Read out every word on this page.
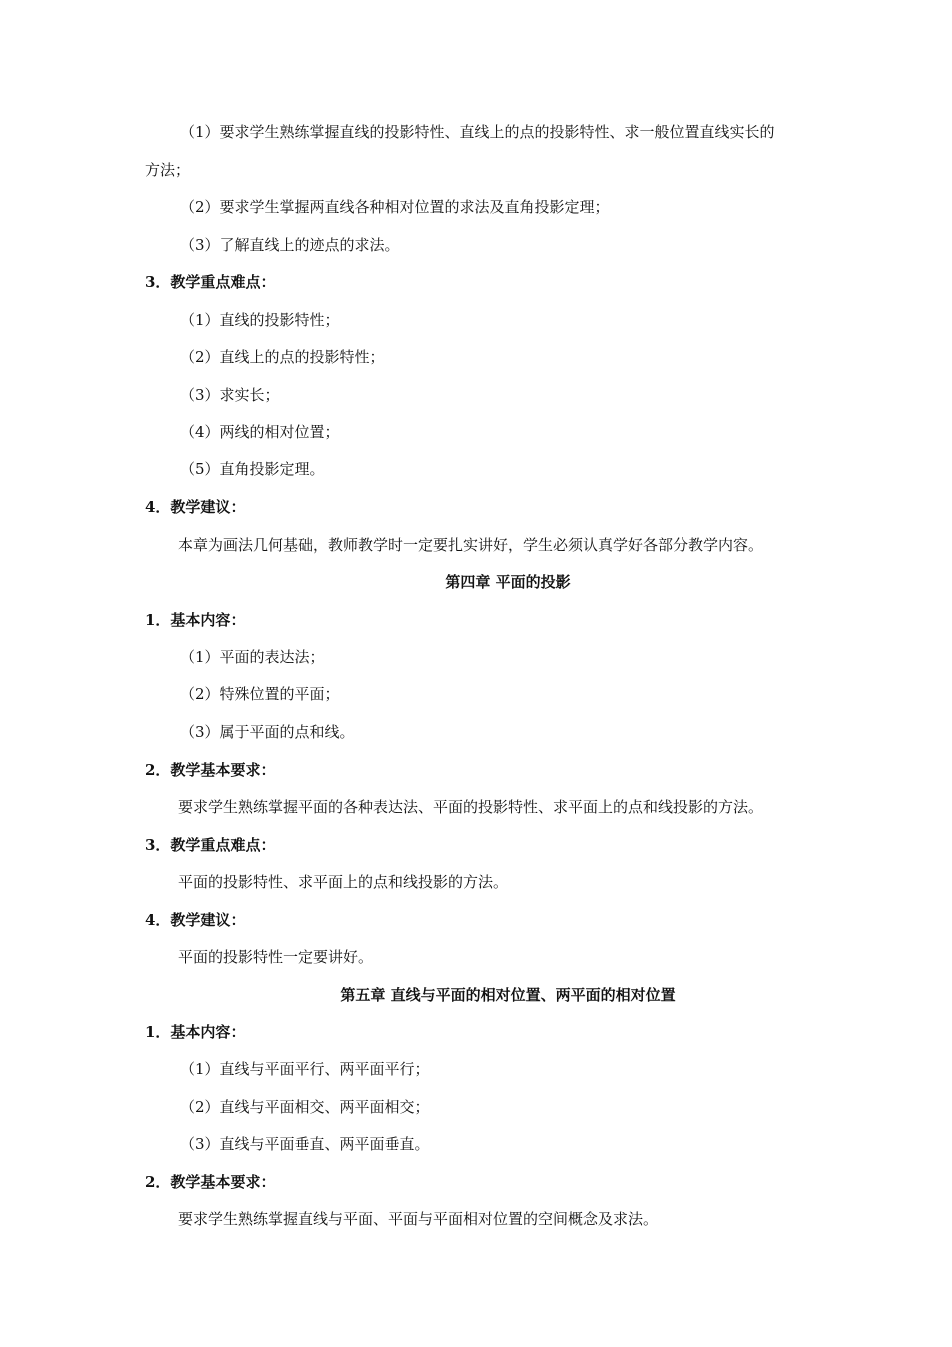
（1）要求学生熟练掌握直线的投影特性、直线上的点的投影特性、求一般位置直线实长的
方法；
（2）要求学生掌握两直线各种相对位置的求法及直角投影定理；
（3）了解直线上的迹点的求法。
3．教学重点难点：
（1）直线的投影特性；
（2）直线上的点的投影特性；
（3）求实长；
（4）两线的相对位置；
（5）直角投影定理。
4．教学建议：
本章为画法几何基础，教师教学时一定要扎实讲好，学生必须认真学好各部分教学内容。
第四章 平面的投影
1．基本内容：
（1）平面的表达法；
（2）特殊位置的平面；
（3）属于平面的点和线。
2．教学基本要求：
要求学生熟练掌握平面的各种表达法、平面的投影特性、求平面上的点和线投影的方法。
3．教学重点难点：
平面的投影特性、求平面上的点和线投影的方法。
4．教学建议：
平面的投影特性一定要讲好。
第五章 直线与平面的相对位置、两平面的相对位置
1．基本内容：
（1）直线与平面平行、两平面平行；
（2）直线与平面相交、两平面相交；
（3）直线与平面垂直、两平面垂直。
2．教学基本要求：
要求学生熟练掌握直线与平面、平面与平面相对位置的空间概念及求法。
